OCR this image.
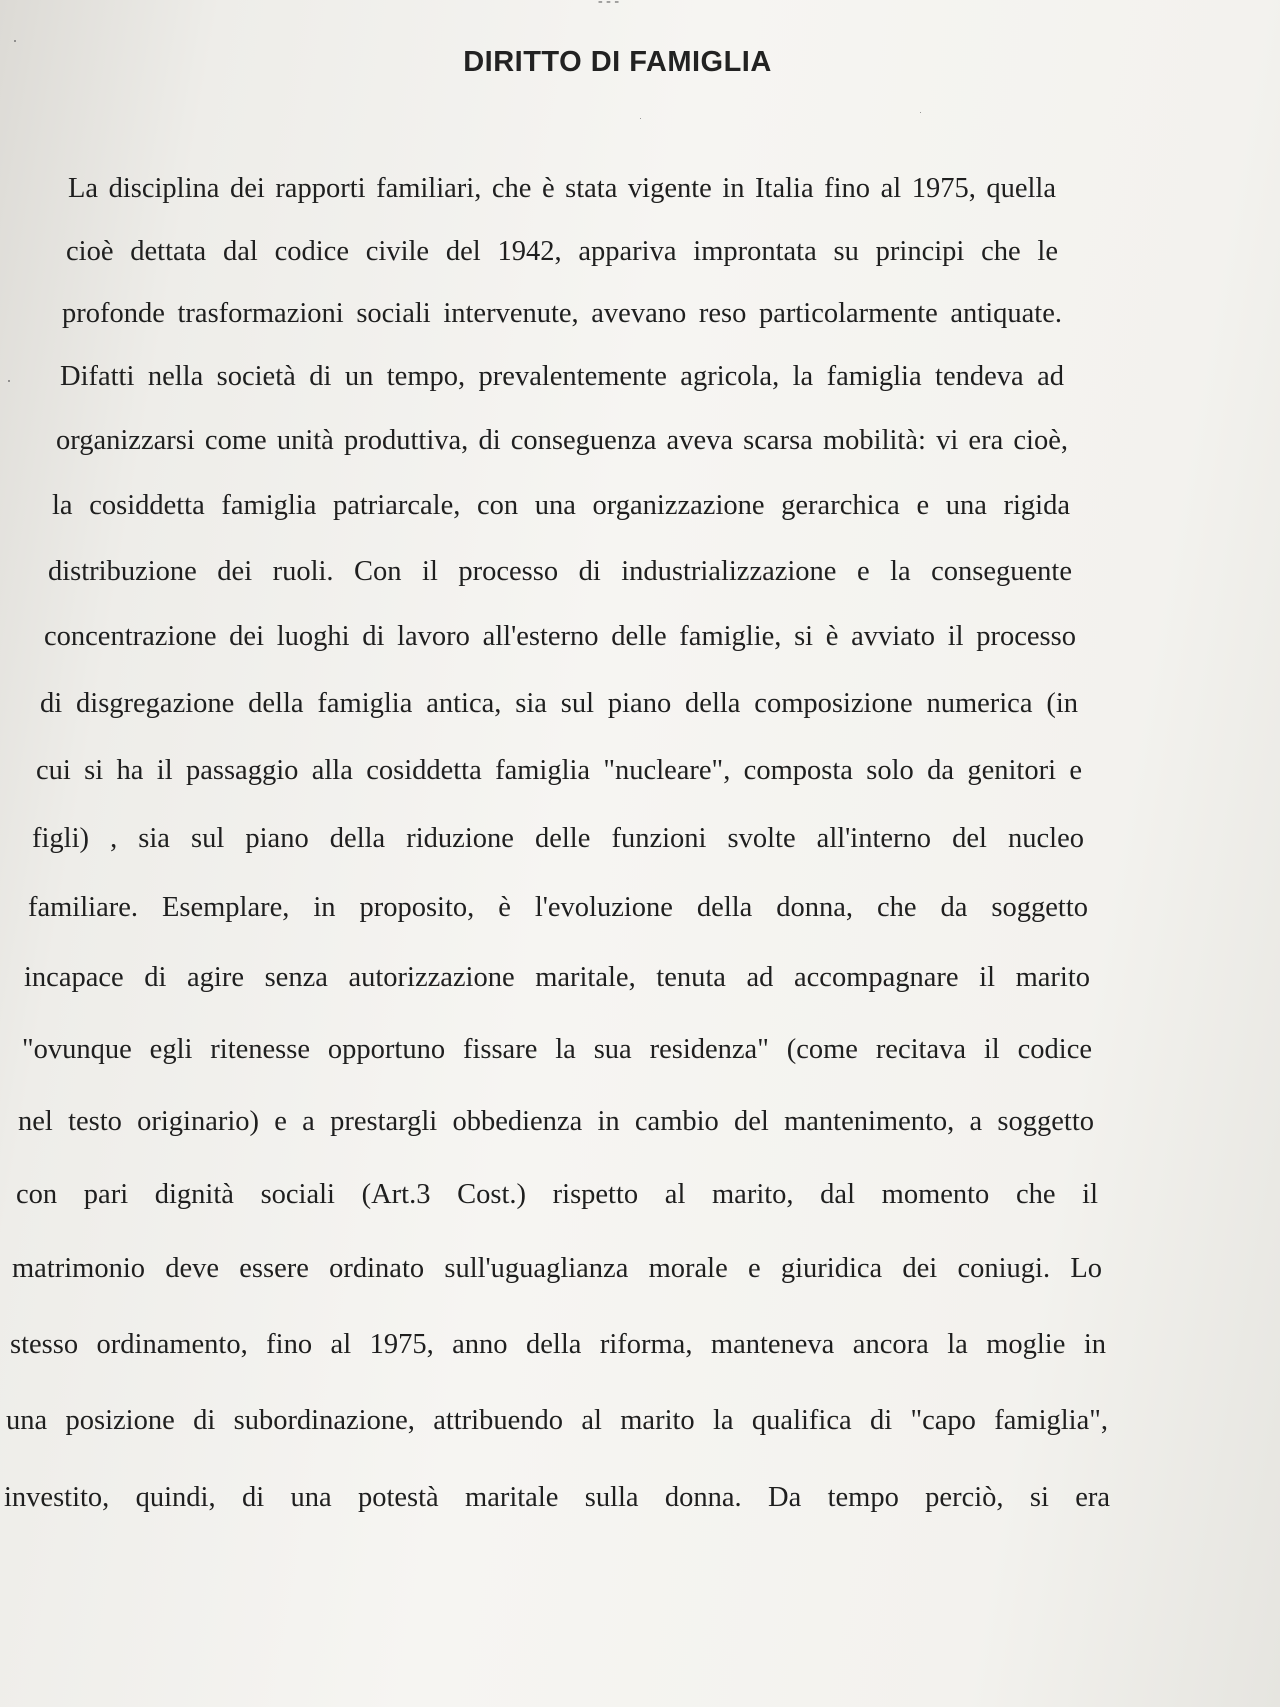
- - -
DIRITTO DI FAMIGLIA
La disciplina dei rapporti familiari, che è stata vigente in Italia fino al 1975, quella
cioè dettata dal codice civile del 1942, appariva improntata su principi che le
profonde trasformazioni sociali intervenute, avevano reso particolarmente antiquate.
Difatti nella società di un tempo, prevalentemente agricola, la famiglia tendeva ad
organizzarsi come unità produttiva, di conseguenza aveva scarsa mobilità: vi era cioè,
la cosiddetta famiglia patriarcale, con una organizzazione gerarchica e una rigida
distribuzione dei ruoli. Con il processo di industrializzazione e la conseguente
concentrazione dei luoghi di lavoro all'esterno delle famiglie, si è avviato il processo
di disgregazione della famiglia antica, sia sul piano della composizione numerica (in
cui si ha il passaggio alla cosiddetta famiglia "nucleare", composta solo da genitori e
figli) , sia sul piano della riduzione delle funzioni svolte all'interno del nucleo
familiare. Esemplare, in proposito, è l'evoluzione della donna, che da soggetto
incapace di agire senza autorizzazione maritale, tenuta ad accompagnare il marito
"ovunque egli ritenesse opportuno fissare la sua residenza" (come recitava il codice
nel testo originario) e a prestargli obbedienza in cambio del mantenimento, a soggetto
con pari dignità sociali (Art.3 Cost.) rispetto al marito, dal momento che il
matrimonio deve essere ordinato sull'uguaglianza morale e giuridica dei coniugi. Lo
stesso ordinamento, fino al 1975, anno della riforma, manteneva ancora la moglie in
una posizione di subordinazione, attribuendo al marito la qualifica di "capo famiglia",
investito, quindi, di una potestà maritale sulla donna. Da tempo perciò, si era
